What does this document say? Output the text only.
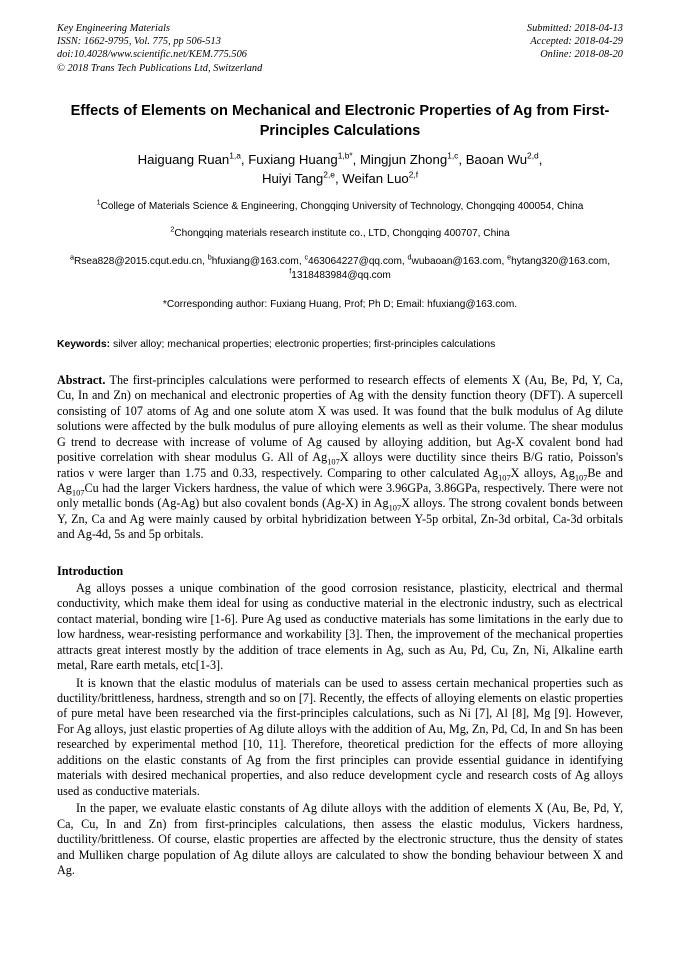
Key Engineering Materials
ISSN: 1662-9795, Vol. 775, pp 506-513
doi:10.4028/www.scientific.net/KEM.775.506
© 2018 Trans Tech Publications Ltd, Switzerland
Submitted: 2018-04-13
Accepted: 2018-04-29
Online: 2018-08-20
Effects of Elements on Mechanical and Electronic Properties of Ag from First-Principles Calculations
Haiguang Ruan$^{1,a}$, Fuxiang Huang$^{1,b*}$, Mingjun Zhong$^{1,c}$, Baoan Wu$^{2,d}$,
Huiyi Tang$^{2,e}$, Weifan Luo$^{2,f}$
$^1$College of Materials Science & Engineering, Chongqing University of Technology, Chongqing 400054, China
$^2$Chongqing materials research institute co., LTD, Chongqing 400707, China
$^a$Rsea828@2015.cqut.edu.cn, $^b$hfuxiang@163.com, $^c$463064227@qq.com, $^d$wubaoan@163.com, $^e$hytang320@163.com, $^f$1318483984@qq.com
*Corresponding author: Fuxiang Huang, Prof; Ph D; Email: hfuxiang@163.com.
Keywords: silver alloy; mechanical properties; electronic properties; first-principles calculations
Abstract. The first-principles calculations were performed to research effects of elements X (Au, Be, Pd, Y, Ca, Cu, In and Zn) on mechanical and electronic properties of Ag with the density function theory (DFT). A supercell consisting of 107 atoms of Ag and one solute atom X was used. It was found that the bulk modulus of Ag dilute solutions were affected by the bulk modulus of pure alloying elements as well as their volume. The shear modulus G trend to decrease with increase of volume of Ag caused by alloying addition, but Ag-X covalent bond had positive correlation with shear modulus G. All of $Ag_{107}X$ alloys were ductility since theirs B/G ratio, Poisson's ratios ν were larger than 1.75 and 0.33, respectively. Comparing to other calculated $Ag_{107}X$ alloys, $Ag_{107}Be$ and $Ag_{107}Cu$ had the larger Vickers hardness, the value of which were 3.96GPa, 3.86GPa, respectively. There were not only metallic bonds (Ag-Ag) but also covalent bonds (Ag-X) in $Ag_{107}X$ alloys. The strong covalent bonds between Y, Zn, Ca and Ag were mainly caused by orbital hybridization between Y-5p orbital, Zn-3d orbital, Ca-3d orbitals and Ag-4d, 5s and 5p orbitals.
Introduction
Ag alloys posses a unique combination of the good corrosion resistance, plasticity, electrical and thermal conductivity, which make them ideal for using as conductive material in the electronic industry, such as electrical contact material, bonding wire [1-6]. Pure Ag used as conductive materials has some limitations in the early due to low hardness, wear-resisting performance and workability [3]. Then, the improvement of the mechanical properties attracts great interest mostly by the addition of trace elements in Ag, such as Au, Pd, Cu, Zn, Ni, Alkaline earth metal, Rare earth metals, etc[1-3].
It is known that the elastic modulus of materials can be used to assess certain mechanical properties such as ductility/brittleness, hardness, strength and so on [7]. Recently, the effects of alloying elements on elastic properties of pure metal have been researched via the first-principles calculations, such as Ni [7], Al [8], Mg [9]. However, For Ag alloys, just elastic properties of Ag dilute alloys with the addition of Au, Mg, Zn, Pd, Cd, In and Sn has been researched by experimental method [10, 11]. Therefore, theoretical prediction for the effects of more alloying additions on the elastic constants of Ag from the first principles can provide essential guidance in identifying materials with desired mechanical properties, and also reduce development cycle and research costs of Ag alloys used as conductive materials.
In the paper, we evaluate elastic constants of Ag dilute alloys with the addition of elements X (Au, Be, Pd, Y, Ca, Cu, In and Zn) from first-principles calculations, then assess the elastic modulus, Vickers hardness, ductility/brittleness. Of course, elastic properties are affected by the electronic structure, thus the density of states and Mulliken charge population of Ag dilute alloys are calculated to show the bonding behaviour between X and Ag.
